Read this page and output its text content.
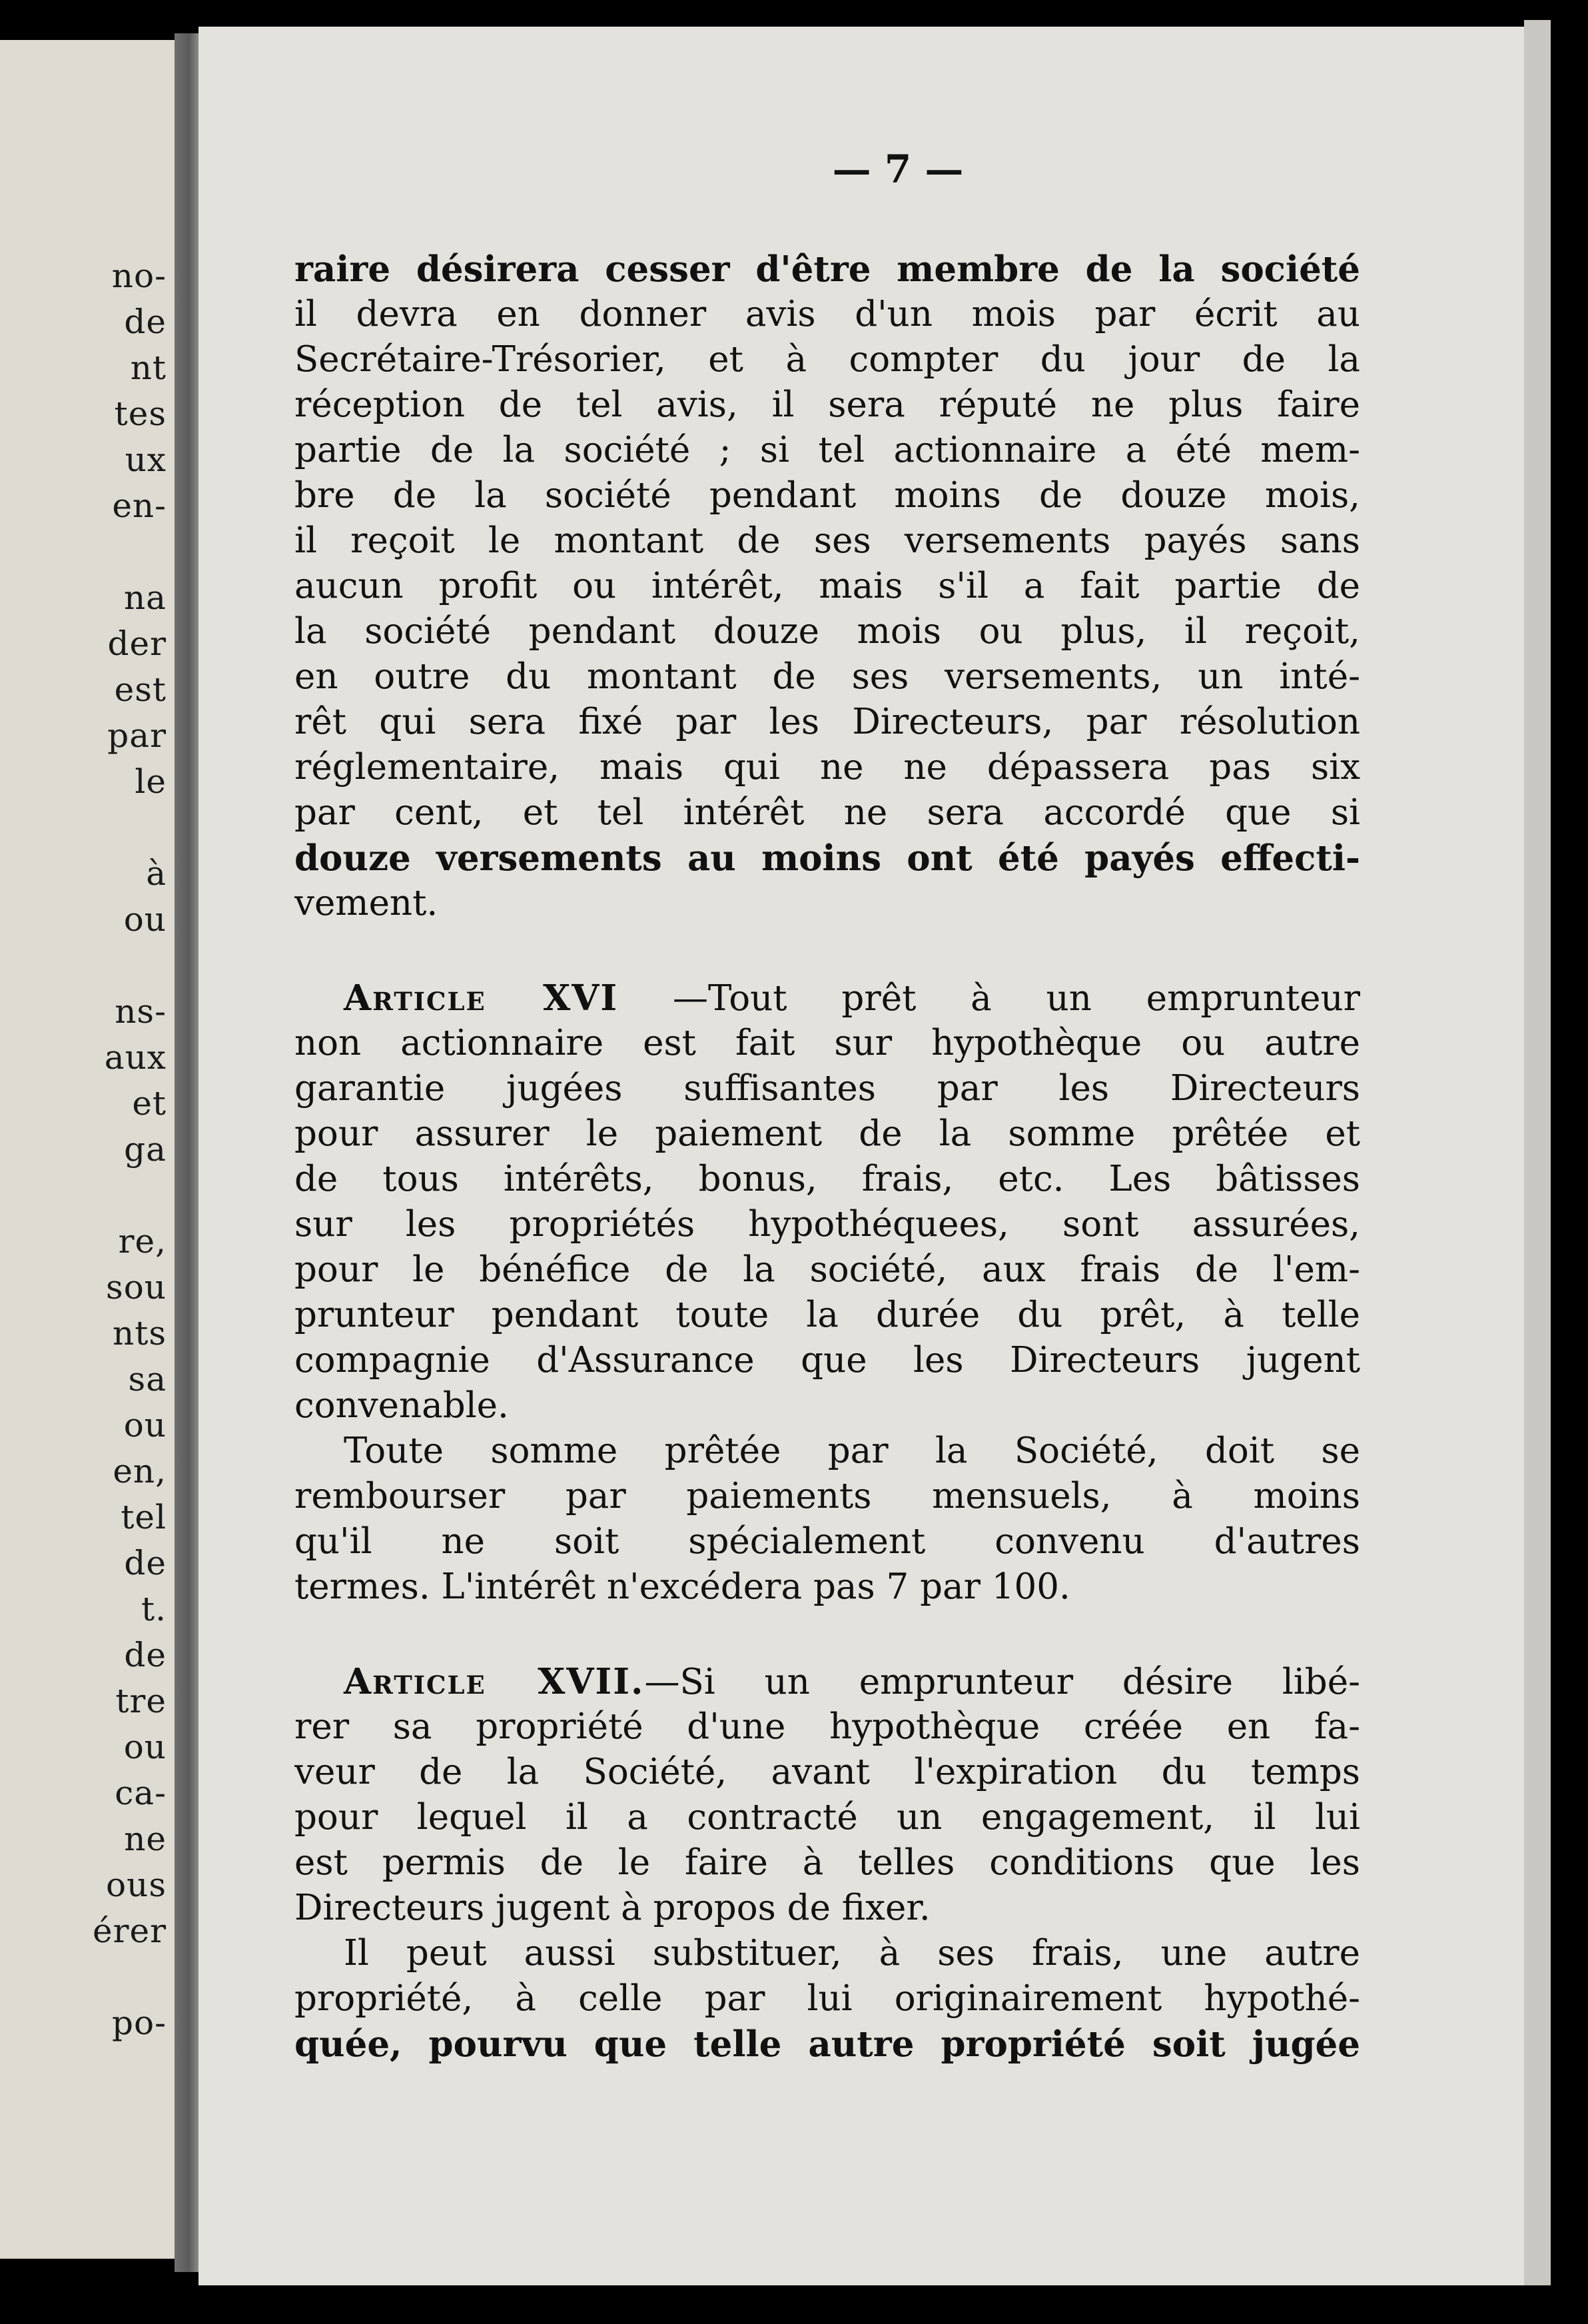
no-
de
nt
tes
ux
en-
na
der
est
par
le
à
ou
ns-
aux
et
ga
re,
sou
nts
sa
ou
en,
tel
de
t.
de
tre
ou
ca-
ne
ous
érer
po-
— 7 —
raire désirera cesser d'être membre de la société
il devra en donner avis d'un mois par écrit au
Secrétaire-Trésorier, et à compter du jour de la
réception de tel avis, il sera réputé ne plus faire
partie de la société ; si tel actionnaire a été mem-
bre de la société pendant moins de douze mois,
il reçoit le montant de ses versements payés sans
aucun profit ou intérêt, mais s'il a fait partie de
la société pendant douze mois ou plus, il reçoit,
en outre du montant de ses versements, un inté-
rêt qui sera fixé par les Directeurs, par résolution
réglementaire, mais qui ne ne dépassera pas six
par cent, et tel intérêt ne sera accordé que si
douze versements au moins ont été payés effecti-
vement.
Article XVI —Tout prêt à un emprunteur
non actionnaire est fait sur hypothèque ou autre
garantie jugées suffisantes par les Directeurs
pour assurer le paiement de la somme prêtée et
de tous intérêts, bonus, frais, etc. Les bâtisses
sur les propriétés hypothéquees, sont assurées,
pour le bénéfice de la société, aux frais de l'em-
prunteur pendant toute la durée du prêt, à telle
compagnie d'Assurance que les Directeurs jugent
convenable.
Toute somme prêtée par la Société, doit se
rembourser par paiements mensuels, à moins
qu'il ne soit spécialement convenu d'autres
termes. L'intérêt n'excédera pas 7 par 100.
Article XVII.—Si un emprunteur désire libé-
rer sa propriété d'une hypothèque créée en fa-
veur de la Société, avant l'expiration du temps
pour lequel il a contracté un engagement, il lui
est permis de le faire à telles conditions que les
Directeurs jugent à propos de fixer.
Il peut aussi substituer, à ses frais, une autre
propriété, à celle par lui originairement hypothé-
quée, pourvu que telle autre propriété soit jugée
